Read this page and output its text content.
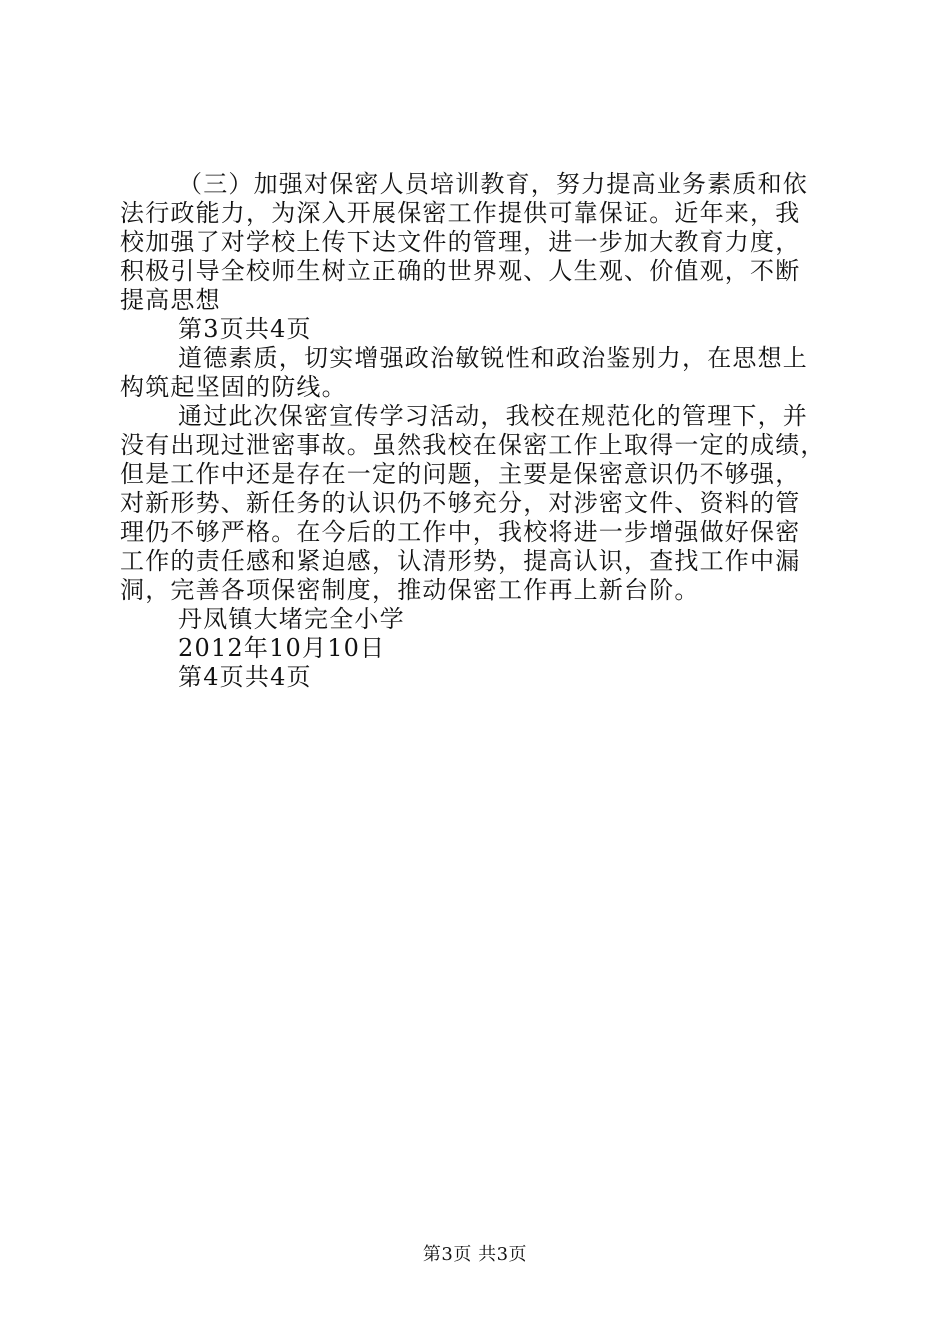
（三）加强对保密人员培训教育，努力提高业务素质和依
法行政能力，为深入开展保密工作提供可靠保证。近年来，我
校加强了对学校上传下达文件的管理，进一步加大教育力度，
积极引导全校师生树立正确的世界观、人生观、价值观，不断
提高思想
第3页共4页
道德素质，切实增强政治敏锐性和政治鉴别力，在思想上
构筑起坚固的防线。
通过此次保密宣传学习活动，我校在规范化的管理下，并
没有出现过泄密事故。虽然我校在保密工作上取得一定的成绩，
但是工作中还是存在一定的问题，主要是保密意识仍不够强，
对新形势、新任务的认识仍不够充分，对涉密文件、资料的管
理仍不够严格。在今后的工作中，我校将进一步增强做好保密
工作的责任感和紧迫感，认清形势，提高认识，查找工作中漏
洞，完善各项保密制度，推动保密工作再上新台阶。
丹凤镇大堵完全小学
2012年10月10日
第4页共4页
第3页 共3页
